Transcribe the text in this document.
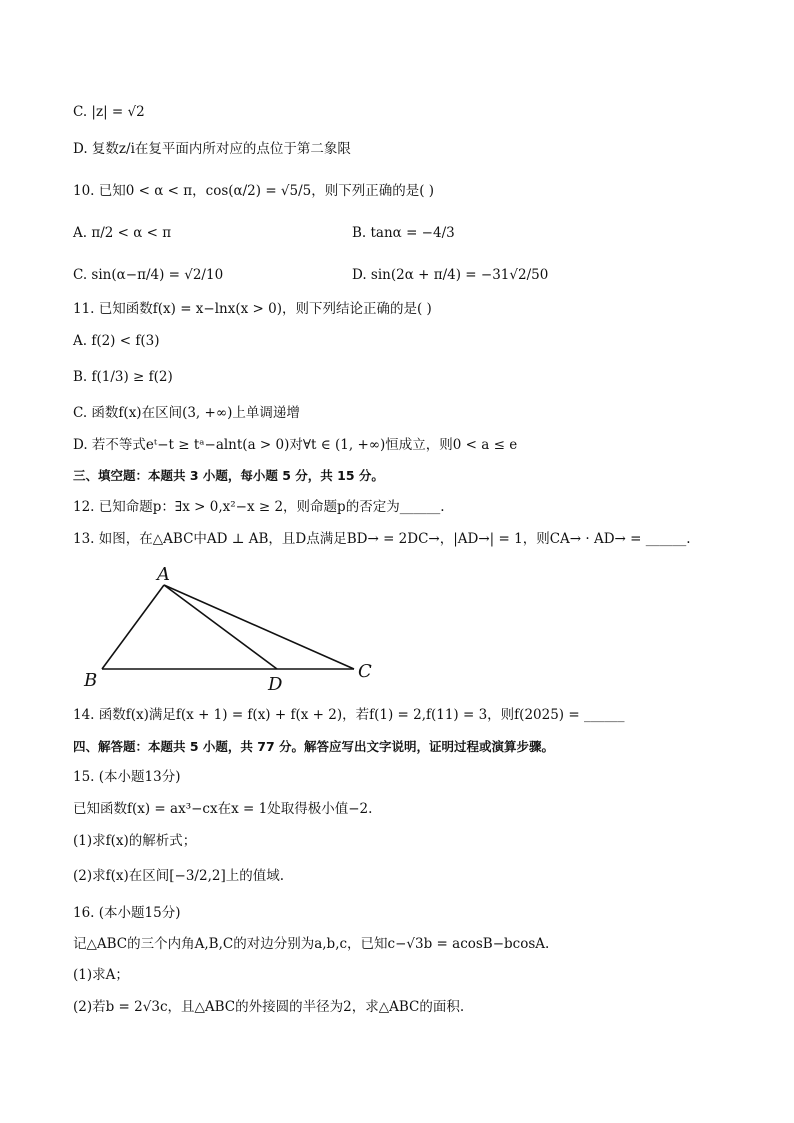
C. |z| = √2
D. 复数z/i在复平面内所对应的点位于第二象限
10. 已知0 < α < π，cos(α/2) = √5/5，则下列正确的是( )
A. π/2 < α < π	B. tanα = −4/3
C. sin(α−π/4) = √2/10	D. sin(2α + π/4) = −31√2/50
11. 已知函数f(x) = x−lnx(x > 0)，则下列结论正确的是( )
A. f(2) < f(3)
B. f(1/3) ≥ f(2)
C. 函数f(x)在区间(3, +∞)上单调递增
D. 若不等式eᵗ−t ≥ tᵃ−alnt(a > 0)对∀t ∈ (1, +∞)恒成立，则0 < a ≤ e
三、填空题：本题共 3 小题，每小题 5 分，共 15 分。
12. 已知命题p：∃x > 0,x²−x ≥ 2，则命题p的否定为______.
13. 如图，在△ABC中AD ⊥ AB，且D点满足BD→ = 2DC→，|AD→| = 1，则CA→ · AD→ = ______.
A
B	C
D
14. 函数f(x)满足f(x + 1) = f(x) + f(x + 2)，若f(1) = 2,f(11) = 3，则f(2025) = ______
四、解答题：本题共 5 小题，共 77 分。解答应写出文字说明，证明过程或演算步骤。
15. (本小题13分)
已知函数f(x) = ax³−cx在x = 1处取得极小值−2.
(1)求f(x)的解析式；
(2)求f(x)在区间[−3/2,2]上的值域.
16. (本小题15分)
记△ABC的三个内角A,B,C的对边分别为a,b,c，已知c−√3b = acosB−bcosA.
(1)求A；
(2)若b = 2√3c，且△ABC的外接圆的半径为2，求△ABC的面积.
